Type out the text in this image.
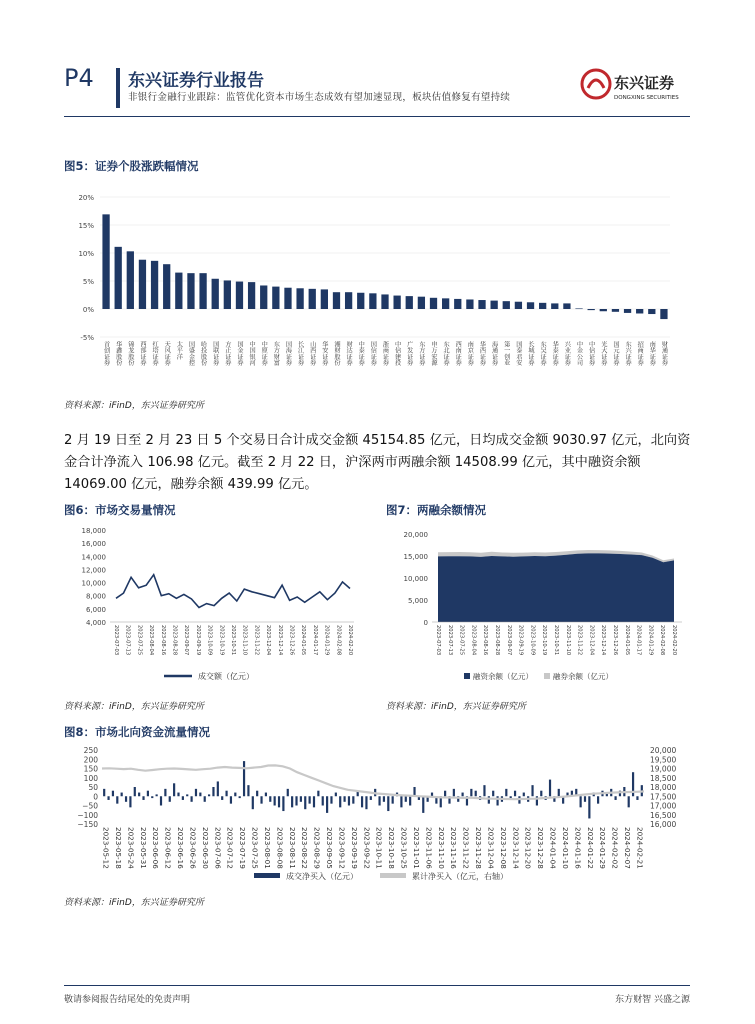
P4 东兴证券行业报告
非银行金融行业跟踪：监管优化资本市场生态成效有望加速显现，板块估值修复有望持续
东兴证券
DONGXING SECURITIES
图5：证券个股涨跌幅情况
20%
15%
10%
5%
0%
-5%
首创证券 华鑫股份 锦龙股份 西部证券 红塔证券 天风证券 太平洋 国盛金控 哈投股份 国联证券 方正证券 国金证券 中国银河 中原证券 东方财富 国海证券 长江证券 山西证券 华安证券 湘财股份 财达证券 中泰证券 国信证券 浙商证券 中信建投 广发证券 东方证券 申万宏源 东北证券 西南证券 南京证券 华西证券 海通证券 第一创业 国泰君安 长城证券 东吴证券 华泰证券 兴业证券 中金公司 中信证券 光大证券 国元证券 东兴证券 招商证券 南华证券 财通证券
资料来源：iFinD，东兴证券研究所
2 月 19 日至 2 月 23 日 5 个交易日合计成交金额 45154.85 亿元，日均成交金额 9030.97 亿元，北向资金合计净流入 106.98 亿元。截至 2 月 22 日，沪深两市两融余额 14508.99 亿元，其中融资余额 14069.00 亿元，融券余额 439.99 亿元。
图6：市场交易量情况
18,000
16,000
14,000
12,000
10,000
8,000
6,000
4,000
2023-07-03 2023-07-13 2023-07-25 2023-08-04 2023-08-16 2023-08-28 2023-09-07 2023-09-19 2023-10-09 2023-10-19 2023-10-31 2023-11-10 2023-11-22 2023-12-04 2023-12-14 2023-12-26 2024-01-05 2024-01-17 2024-01-29 2024-02-08 2024-02-20
成交额（亿元）
资料来源：iFinD，东兴证券研究所
图7：两融余额情况
20,000
15,000
10,000
5,000
0
2023-07-03 2023-07-13 2023-07-25 2023-08-04 2023-08-16 2023-08-28 2023-09-07 2023-09-19 2023-10-09 2023-10-19 2023-10-31 2023-11-10 2023-11-22 2023-12-04 2023-12-14 2023-12-26 2024-01-05 2024-01-17 2024-01-29 2024-02-08 2024-02-20
融资余额（亿元）	融券余额（亿元）
资料来源：iFinD，东兴证券研究所
图8：市场北向资金流量情况
250
200
150
100
50
0
−50
−100
−150
20,000
19,500
19,000
18,500
18,000
17,500
17,000
16,500
16,000
2023-05-12 2023-05-18 2023-05-24 2023-05-31 2023-06-06 2023-06-12 2023-06-16 2023-06-26 2023-06-30 2023-07-06 2023-07-12 2023-07-19 2023-07-25 2023-08-01 2023-08-08 2023-08-11 2023-08-22 2023-08-29 2023-09-05 2023-09-12 2023-09-19 2023-09-22 2023-10-11 2023-10-18 2023-10-25 2023-11-01 2023-11-06 2023-11-10 2023-11-16 2023-11-22 2023-11-28 2023-12-04 2023-12-08 2023-12-14 2023-12-20 2023-12-28 2024-01-04 2024-01-10 2024-01-16 2024-01-22 2024-01-29 2024-02-02 2024-02-07 2024-02-21
成交净买入（亿元）	累计净买入（亿元，右轴）
资料来源：iFinD，东兴证券研究所
敬请参阅报告结尾处的免责声明	东方财智 兴盛之源
